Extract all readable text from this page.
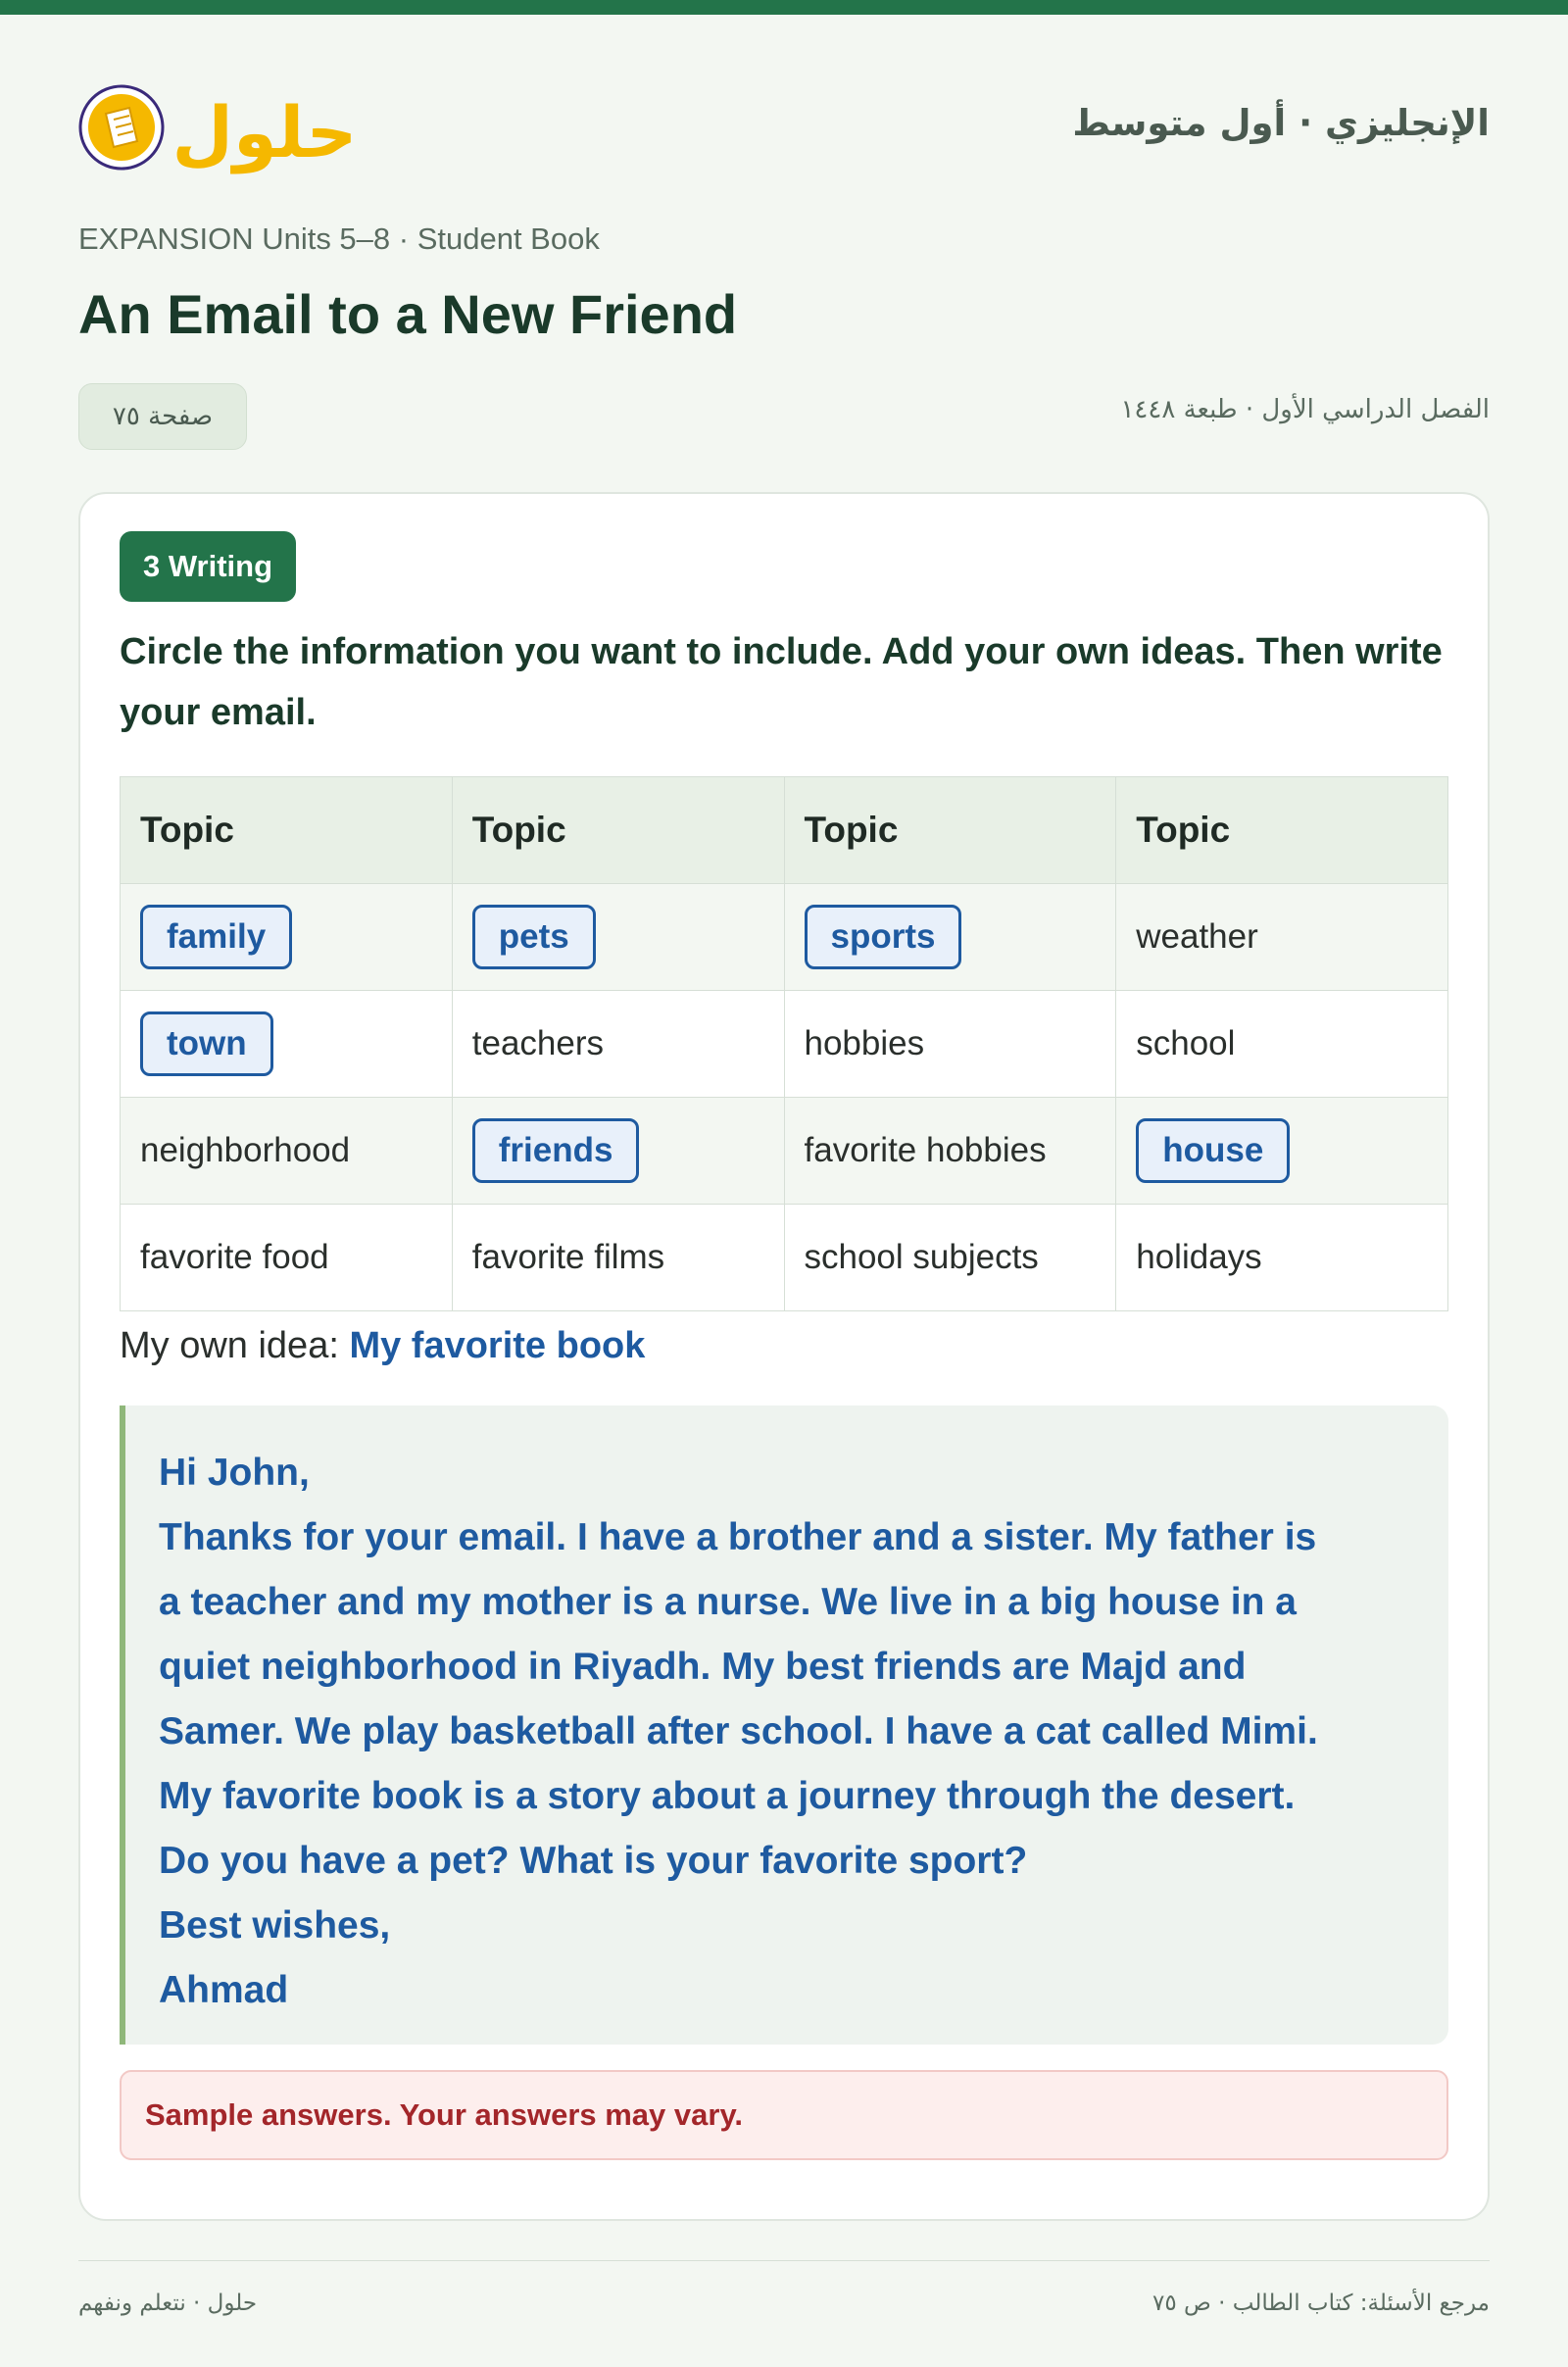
حلول	الإنجليزي · أول متوسط
EXPANSION Units 5–8 · Student Book
An Email to a New Friend
صفحة ٧٥	الفصل الدراسي الأول · طبعة ١٤٤٨
3 Writing

Circle the information you want to include. Add your own ideas. Then write your email.

Topic	Topic	Topic	Topic
family	pets	sports	weather
town	teachers	hobbies	school
neighborhood	friends	favorite hobbies	house
favorite food	favorite films	school subjects	holidays
My own idea: My favorite book

Hi John,

Thanks for your email. I have a brother and a sister. My father is

a teacher and my mother is a nurse. We live in a big house in a

quiet neighborhood in Riyadh. My best friends are Majd and

Samer. We play basketball after school. I have a cat called Mimi.

My favorite book is a story about a journey through the desert.

Do you have a pet? What is your favorite sport?

Best wishes,

Ahmad

Sample answers. Your answers may vary.
حلول · نتعلم ونفهم	مرجع الأسئلة: كتاب الطالب · ص ٧٥
